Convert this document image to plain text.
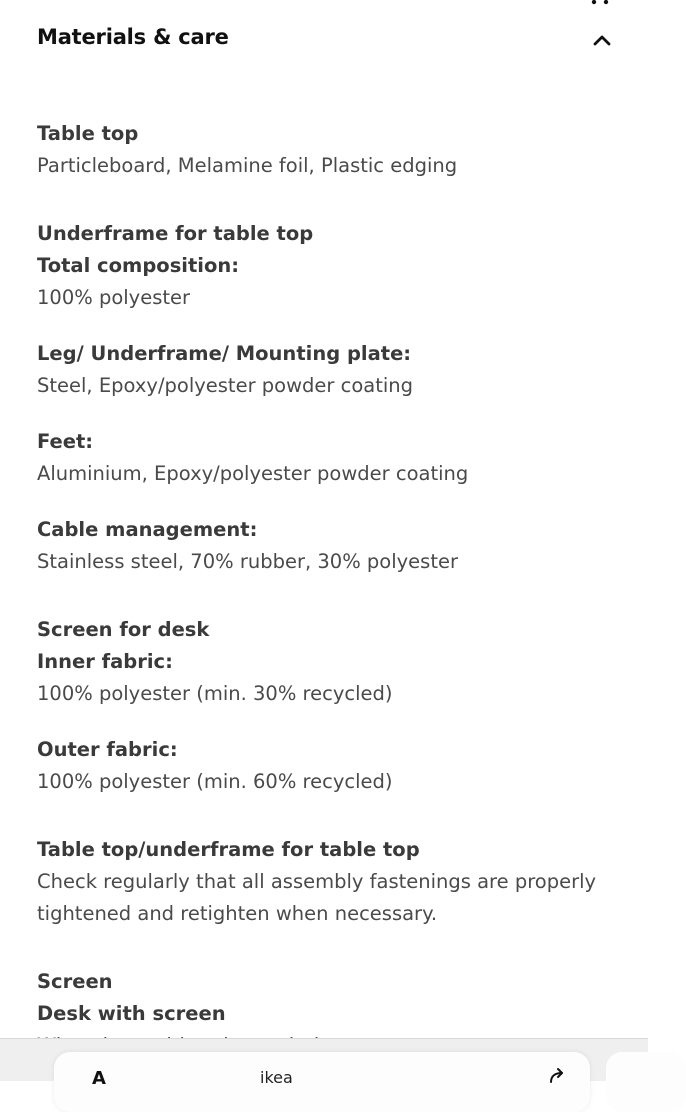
Materials & care
Table top
Particleboard, Melamine foil, Plastic edging
Underframe for table top
Total composition:
100% polyester
Leg/ Underframe/ Mounting plate:
Steel, Epoxy/polyester powder coating
Feet:
Aluminium, Epoxy/polyester powder coating
Cable management:
Stainless steel, 70% rubber, 30% polyester
Screen for desk
Inner fabric:
100% polyester (min. 30% recycled)
Outer fabric:
100% polyester (min. 60% recycled)
Table top/underframe for table top
Check regularly that all assembly fastenings are properly tightened and retighten when necessary.
Screen
Desk with screen
A	ikea
